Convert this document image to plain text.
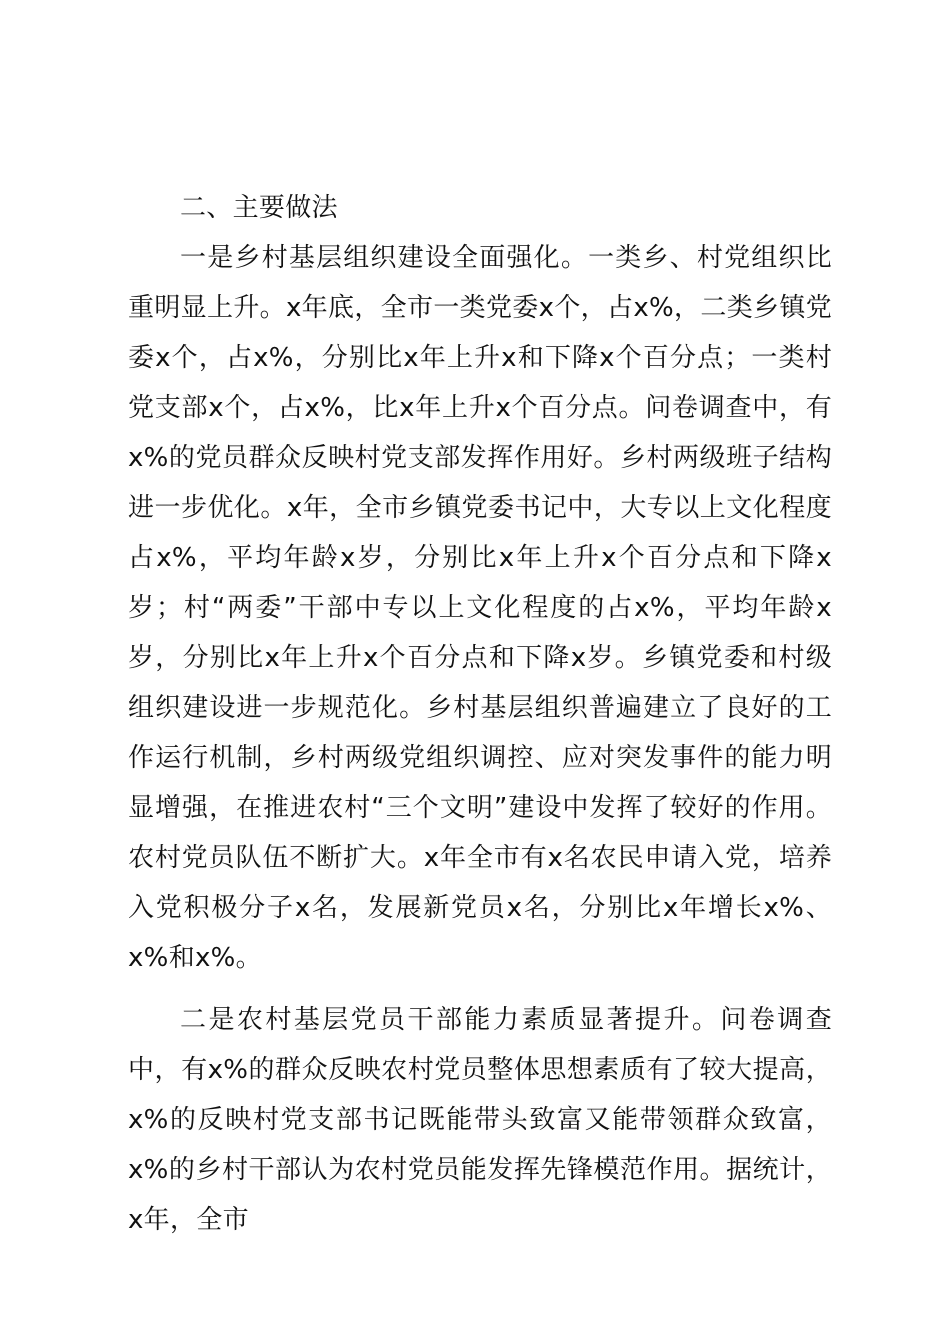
二、主要做法

一是乡村基层组织建设全面强化。一类乡、村党组织比重明显上升。x年底，全市一类党委x个，占x%，二类乡镇党委x个，占x%，分别比x年上升x和下降x个百分点；一类村党支部x个，占x%，比x年上升x个百分点。问卷调查中，有x%的党员群众反映村党支部发挥作用好。乡村两级班子结构进一步优化。x年，全市乡镇党委书记中，大专以上文化程度占x%，平均年龄x岁，分别比x年上升x个百分点和下降x岁；村“两委”干部中专以上文化程度的占x%，平均年龄x岁，分别比x年上升x个百分点和下降x岁。乡镇党委和村级组织建设进一步规范化。乡村基层组织普遍建立了良好的工作运行机制，乡村两级党组织调控、应对突发事件的能力明显增强，在推进农村“三个文明”建设中发挥了较好的作用。农村党员队伍不断扩大。x年全市有x名农民申请入党，培养入党积极分子x名，发展新党员x名，分别比x年增长x%、x%和x%。

二是农村基层党员干部能力素质显著提升。问卷调查中，有x%的群众反映农村党员整体思想素质有了较大提高，x%的反映村党支部书记既能带头致富又能带领群众致富，x%的乡村干部认为农村党员能发挥先锋模范作用。据统计，x年，全市
